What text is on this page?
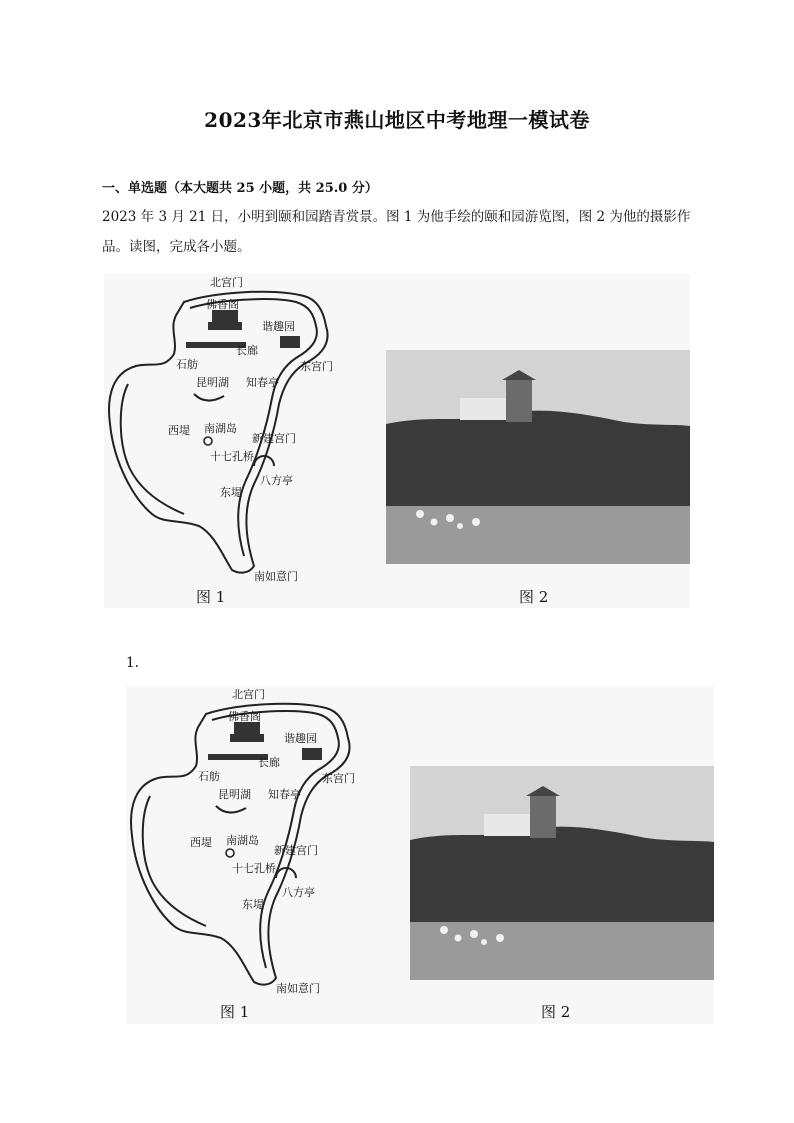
2023年北京市燕山地区中考地理一模试卷
一、单选题（本大题共 25 小题，共 25.0 分）
2023 年 3 月 21 日，小明到颐和园踏青赏景。图 1 为他手绘的颐和园游览图，图 2 为他的摄影作
品。读图，完成各小题。
北宫门
佛香阁
谐趣园
长廊
石舫	东宫门
昆明湖 知春亭
南湖岛
西堤
新建宫门
十七孔桥
八方亭
东堤
南如意门
图 1	图 2
1.
北宫门
佛香阁
谐趣园
长廊
石舫	东宫门
昆明湖 知春亭
南湖岛
西堤
新建宫门
十七孔桥
八方亭
东堤
南如意门
图 1	图 2
